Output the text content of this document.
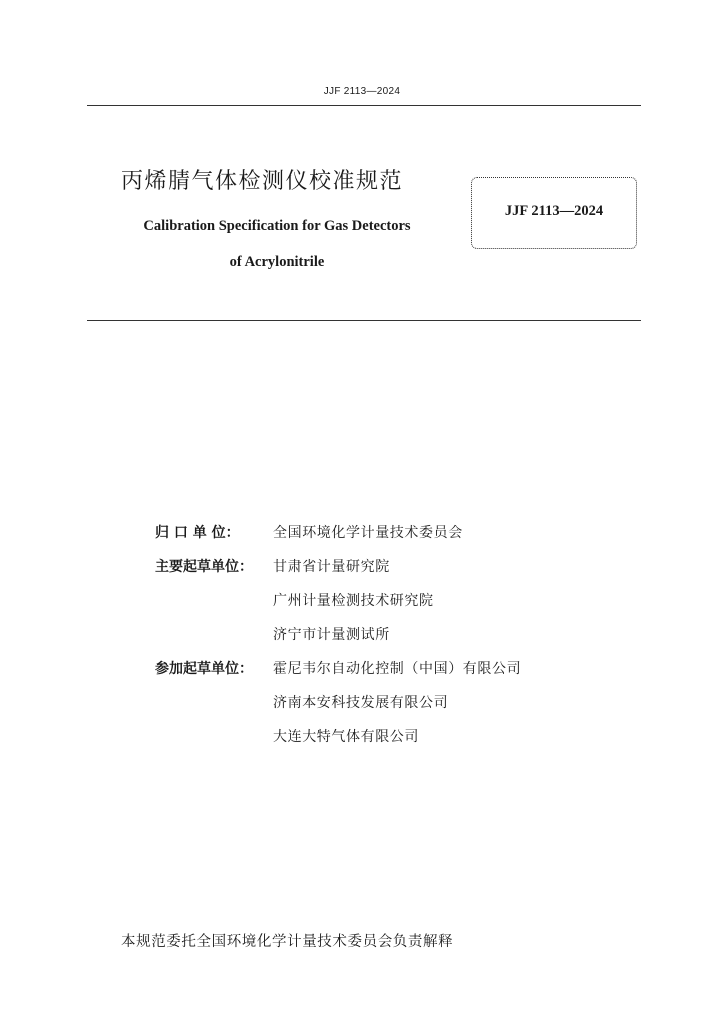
JJF 2113—2024
丙烯腈气体检测仪校准规范
Calibration Specification for Gas Detectors
of Acrylonitrile
JJF 2113—2024
归 口 单 位：	全国环境化学计量技术委员会
主要起草单位：	甘肃省计量研究院
广州计量检测技术研究院
济宁市计量测试所
参加起草单位：	霍尼韦尔自动化控制（中国）有限公司
济南本安科技发展有限公司
大连大特气体有限公司
本规范委托全国环境化学计量技术委员会负责解释
